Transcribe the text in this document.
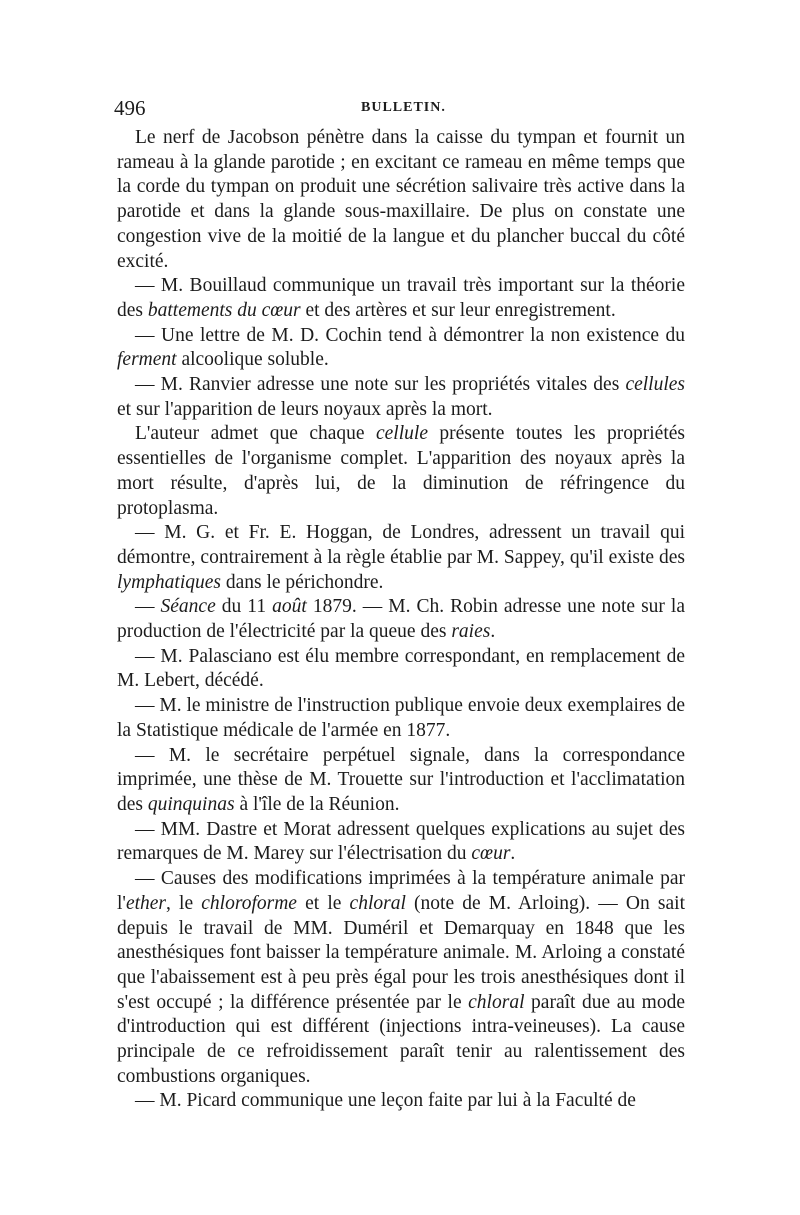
496	BULLETIN.

Le nerf de Jacobson pénètre dans la caisse du tympan et fournit un rameau à la glande parotide ; en excitant ce rameau en même temps que la corde du tympan on produit une sécrétion salivaire très active dans la parotide et dans la glande sous-maxillaire. De plus on constate une congestion vive de la moitié de la langue et du plancher buccal du côté excité.

— M. Bouillaud communique un travail très important sur la théorie des battements du cœur et des artères et sur leur enregistrement.

— Une lettre de M. D. Cochin tend à démontrer la non existence du ferment alcoolique soluble.

— M. Ranvier adresse une note sur les propriétés vitales des cellules et sur l'apparition de leurs noyaux après la mort.

L'auteur admet que chaque cellule présente toutes les propriétés essentielles de l'organisme complet. L'apparition des noyaux après la mort résulte, d'après lui, de la diminution de réfringence du protoplasma.

— M. G. et Fr. E. Hoggan, de Londres, adressent un travail qui démontre, contrairement à la règle établie par M. Sappey, qu'il existe des lymphatiques dans le périchondre.

— Séance du 11 août 1879. — M. Ch. Robin adresse une note sur la production de l'électricité par la queue des raies.

— M. Palasciano est élu membre correspondant, en remplacement de M. Lebert, décédé.

— M. le ministre de l'instruction publique envoie deux exemplaires de la Statistique médicale de l'armée en 1877.

— M. le secrétaire perpétuel signale, dans la correspondance imprimée, une thèse de M. Trouette sur l'introduction et l'acclimatation des quinquinas à l'île de la Réunion.

— MM. Dastre et Morat adressent quelques explications au sujet des remarques de M. Marey sur l'électrisation du cœur.

— Causes des modifications imprimées à la température animale par l'ether, le chloroforme et le chloral (note de M. Arloing). — On sait depuis le travail de MM. Duméril et Demarquay en 1848 que les anesthésiques font baisser la température animale. M. Arloing a constaté que l'abaissement est à peu près égal pour les trois anesthésiques dont il s'est occupé ; la différence présentée par le chloral paraît due au mode d'introduction qui est différent (injections intra-veineuses). La cause principale de ce refroidissement paraît tenir au ralentissement des combustions organiques.

— M. Picard communique une leçon faite par lui à la Faculté de
